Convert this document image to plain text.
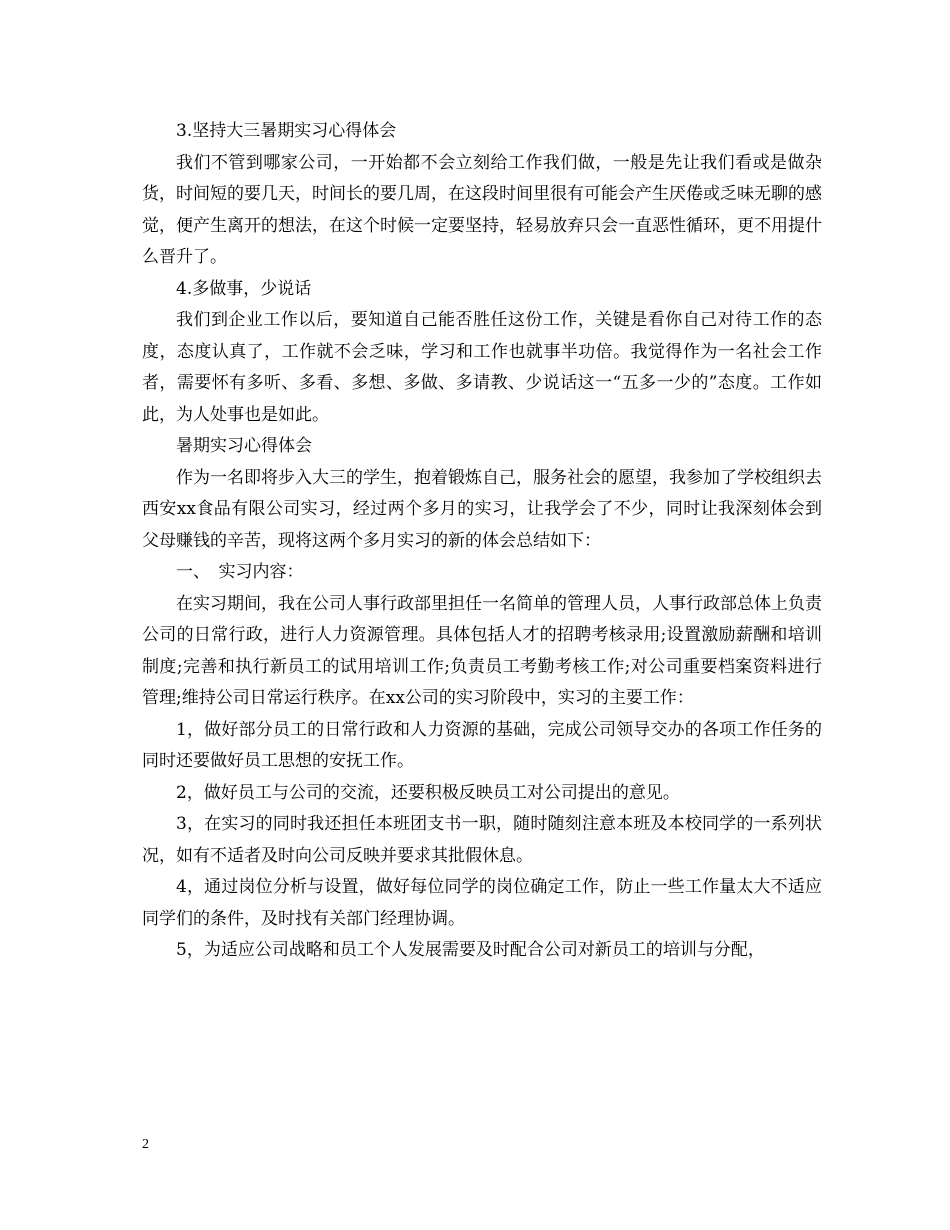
3.坚持大三暑期实习心得体会

我们不管到哪家公司，一开始都不会立刻给工作我们做，一般是先让我们看或是做杂货，时间短的要几天，时间长的要几周，在这段时间里很有可能会产生厌倦或乏味无聊的感觉，便产生离开的想法，在这个时候一定要坚持，轻易放弃只会一直恶性循环，更不用提什么晋升了。

4.多做事，少说话

我们到企业工作以后，要知道自己能否胜任这份工作，关键是看你自己对待工作的态度，态度认真了，工作就不会乏味，学习和工作也就事半功倍。我觉得作为一名社会工作者，需要怀有多听、多看、多想、多做、多请教、少说话这一“五多一少的”态度。工作如此，为人处事也是如此。

暑期实习心得体会

作为一名即将步入大三的学生，抱着锻炼自己，服务社会的愿望，我参加了学校组织去西安xx食品有限公司实习，经过两个多月的实习，让我学会了不少，同时让我深刻体会到父母赚钱的辛苦，现将这两个多月实习的新的体会总结如下：

一、　实习内容：

在实习期间，我在公司人事行政部里担任一名简单的管理人员，人事行政部总体上负责公司的日常行政，进行人力资源管理。具体包括人才的招聘考核录用;设置激励薪酬和培训制度;完善和执行新员工的试用培训工作;负责员工考勤考核工作;对公司重要档案资料进行管理;维持公司日常运行秩序。在xx公司的实习阶段中，实习的主要工作：

1，做好部分员工的日常行政和人力资源的基础，完成公司领导交办的各项工作任务的同时还要做好员工思想的安抚工作。

2，做好员工与公司的交流，还要积极反映员工对公司提出的意见。

3，在实习的同时我还担任本班团支书一职，随时随刻注意本班及本校同学的一系列状况，如有不适者及时向公司反映并要求其批假休息。

4，通过岗位分析与设置，做好每位同学的岗位确定工作，防止一些工作量太大不适应同学们的条件，及时找有关部门经理协调。

5，为适应公司战略和员工个人发展需要及时配合公司对新员工的培训与分配，

2
